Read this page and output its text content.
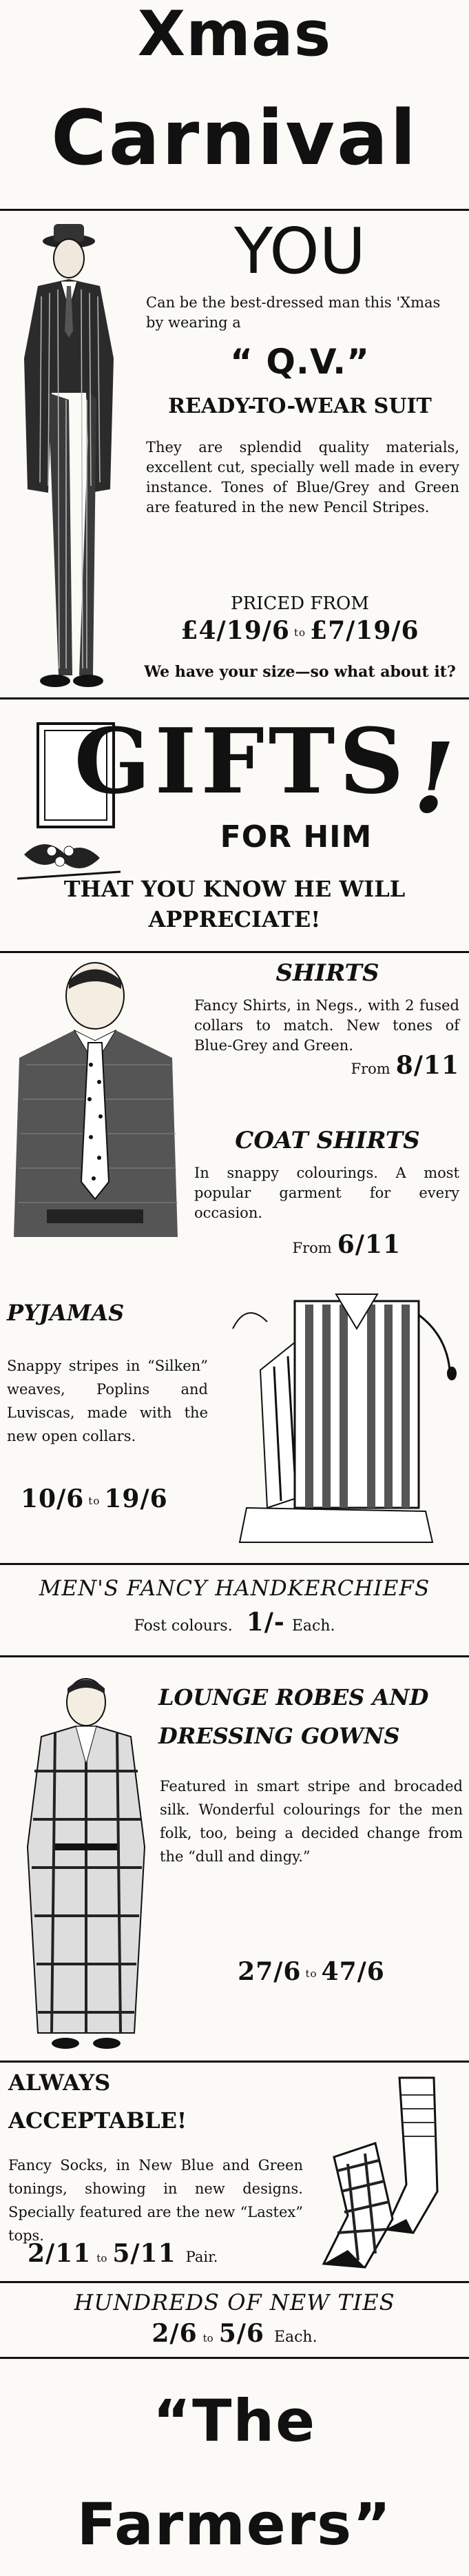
Xmas
Carnival
YOU
Can be the best-dressed man this 'Xmas by wearing a
“ Q.V.”
READY-TO-WEAR SUIT
They are splendid quality materials, excellent cut, specially well made in every instance. Tones of Blue/Grey and Green are featured in the new Pencil Stripes.
PRICED FROM
£4/19/6 to £7/19/6
We have your size—so what about it?
GIFTS !
FOR HIM
THAT YOU KNOW HE WILL
APPRECIATE!
SHIRTS
Fancy Shirts, in Negs., with 2 fused collars to match. New tones of Blue-Grey and Green.
From 8/11
COAT SHIRTS
In snappy colourings. A most popular garment for every occasion.
From 6/11
PYJAMAS
Snappy stripes in “Silken” weaves, Poplins and Luviscas, made with the new open collars.
10/6 to 19/6
MEN'S FANCY HANDKERCHIEFS
Fost colours. 1/- Each.
LOUNGE ROBES AND
DRESSING GOWNS
Featured in smart stripe and brocaded silk. Wonderful colourings for the men folk, too, being a decided change from the “dull and dingy.”
27/6 to 47/6
ALWAYS
ACCEPTABLE!
Fancy Socks, in New Blue and Green tonings, showing in new designs. Specially featured are the new “Lastex” tops.
2/11 to 5/11 Pair.
HUNDREDS OF NEW TIES
2/6 to 5/6 Each.
“The Farmers”
